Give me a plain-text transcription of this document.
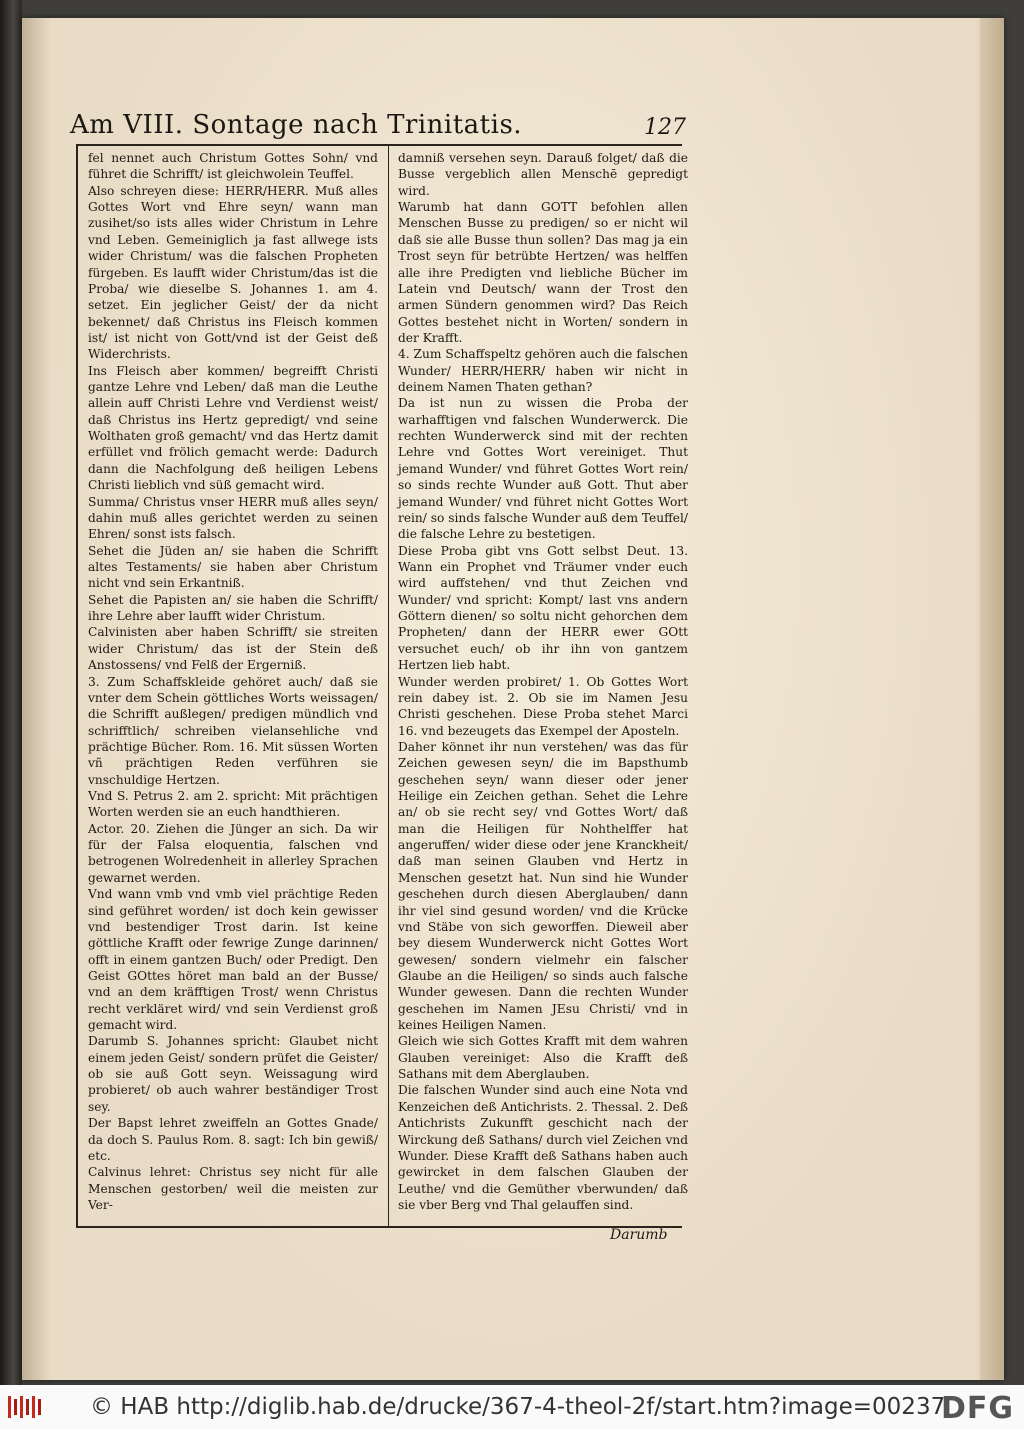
Am VIII. Sontage nach Trinitatis.	127

fel nennet auch Christum Gottes Sohn/ vnd führet die Schrifft/ ist gleichwolein Teuffel.

Also schreyen diese: HERR/HERR. Muß alles Gottes Wort vnd Ehre seyn/ wann man zusihet/so ists alles wider Christum in Lehre vnd Leben. Gemeiniglich ja fast allwege ists wider Christum/ was die falschen Propheten fürgeben. Es laufft wider Christum/das ist die Proba/ wie dieselbe S. Johannes 1. am 4. setzet. Ein jeglicher Geist/ der da nicht bekennet/ daß Christus ins Fleisch kommen ist/ ist nicht von Gott/vnd ist der Geist deß Widerchrists.

Ins Fleisch aber kommen/ begreifft Christi gantze Lehre vnd Leben/ daß man die Leuthe allein auff Christi Lehre vnd Verdienst weist/ daß Christus ins Hertz gepredigt/ vnd seine Wolthaten groß gemacht/ vnd das Hertz damit erfüllet vnd frölich gemacht werde: Dadurch dann die Nachfolgung deß heiligen Lebens Christi lieblich vnd süß gemacht wird.

Summa/ Christus vnser HERR muß alles seyn/ dahin muß alles gerichtet werden zu seinen Ehren/ sonst ists falsch.

Sehet die Jüden an/ sie haben die Schrifft altes Testaments/ sie haben aber Christum nicht vnd sein Erkantniß.

Sehet die Papisten an/ sie haben die Schrifft/ ihre Lehre aber laufft wider Christum.

Calvinisten aber haben Schrifft/ sie streiten wider Christum/ das ist der Stein deß Anstossens/ vnd Felß der Ergerniß.

3. Zum Schaffskleide gehöret auch/ daß sie vnter dem Schein göttliches Worts weissagen/ die Schrifft außlegen/ predigen mündlich vnd schrifftlich/ schreiben vielansehliche vnd prächtige Bücher. Rom. 16. Mit süssen Worten vñ prächtigen Reden verführen sie vnschuldige Hertzen.

Vnd S. Petrus 2. am 2. spricht: Mit prächtigen Worten werden sie an euch handthieren.

Actor. 20. Ziehen die Jünger an sich. Da wir für der Falsa eloquentia, falschen vnd betrogenen Wolredenheit in allerley Sprachen gewarnet werden.

Vnd wann vmb vnd vmb viel prächtige Reden sind geführet worden/ ist doch kein gewisser vnd bestendiger Trost darin. Ist keine göttliche Krafft oder fewrige Zunge darinnen/ offt in einem gantzen Buch/ oder Predigt. Den Geist GOttes höret man bald an der Busse/ vnd an dem kräfftigen Trost/ wenn Christus recht verkläret wird/ vnd sein Verdienst groß gemacht wird.

Darumb S. Johannes spricht: Glaubet nicht einem jeden Geist/ sondern prüfet die Geister/ ob sie auß Gott seyn. Weissagung wird probieret/ ob auch wahrer beständiger Trost sey.

Der Bapst lehret zweiffeln an Gottes Gnade/ da doch S. Paulus Rom. 8. sagt: Ich bin gewiß/ etc.

Calvinus lehret: Christus sey nicht für alle Menschen gestorben/ weil die meisten zur Ver-

damniß versehen seyn. Darauß folget/ daß die Busse vergeblich allen Menschē gepredigt wird.

Warumb hat dann GOTT befohlen allen Menschen Busse zu predigen/ so er nicht wil daß sie alle Busse thun sollen? Das mag ja ein Trost seyn für betrübte Hertzen/ was helffen alle ihre Predigten vnd liebliche Bücher im Latein vnd Deutsch/ wann der Trost den armen Sündern genommen wird? Das Reich Gottes bestehet nicht in Worten/ sondern in der Krafft.

4. Zum Schaffspeltz gehören auch die falschen Wunder/ HERR/HERR/ haben wir nicht in deinem Namen Thaten gethan?

Da ist nun zu wissen die Proba der warhafftigen vnd falschen Wunderwerck. Die rechten Wunderwerck sind mit der rechten Lehre vnd Gottes Wort vereiniget. Thut jemand Wunder/ vnd führet Gottes Wort rein/ so sinds rechte Wunder auß Gott. Thut aber jemand Wunder/ vnd führet nicht Gottes Wort rein/ so sinds falsche Wunder auß dem Teuffel/ die falsche Lehre zu bestetigen.

Diese Proba gibt vns Gott selbst Deut. 13. Wann ein Prophet vnd Träumer vnder euch wird auffstehen/ vnd thut Zeichen vnd Wunder/ vnd spricht: Kompt/ last vns andern Göttern dienen/ so soltu nicht gehorchen dem Propheten/ dann der HERR ewer GOtt versuchet euch/ ob ihr ihn von gantzem Hertzen lieb habt.

Wunder werden probiret/ 1. Ob Gottes Wort rein dabey ist. 2. Ob sie im Namen Jesu Christi geschehen. Diese Proba stehet Marci 16. vnd bezeugets das Exempel der Aposteln.

Daher könnet ihr nun verstehen/ was das für Zeichen gewesen seyn/ die im Bapsthumb geschehen seyn/ wann dieser oder jener Heilige ein Zeichen gethan. Sehet die Lehre an/ ob sie recht sey/ vnd Gottes Wort/ daß man die Heiligen für Nohthelffer hat angeruffen/ wider diese oder jene Kranckheit/ daß man seinen Glauben vnd Hertz in Menschen gesetzt hat. Nun sind hie Wunder geschehen durch diesen Aberglauben/ dann ihr viel sind gesund worden/ vnd die Krücke vnd Stäbe von sich geworffen. Dieweil aber bey diesem Wunderwerck nicht Gottes Wort gewesen/ sondern vielmehr ein falscher Glaube an die Heiligen/ so sinds auch falsche Wunder gewesen. Dann die rechten Wunder geschehen im Namen JEsu Christi/ vnd in keines Heiligen Namen.

Gleich wie sich Gottes Krafft mit dem wahren Glauben vereiniget: Also die Krafft deß Sathans mit dem Aberglauben.

Die falschen Wunder sind auch eine Nota vnd Kenzeichen deß Antichrists. 2. Thessal. 2. Deß Antichrists Zukunfft geschicht nach der Wirckung deß Sathans/ durch viel Zeichen vnd Wunder. Diese Krafft deß Sathans haben auch gewircket in dem falschen Glauben der Leuthe/ vnd die Gemüther vberwunden/ daß sie vber Berg vnd Thal gelauffen sind.

Darumb
© HAB http://diglib.hab.de/drucke/367-4-theol-2f/start.htm?image=00237
DFG
